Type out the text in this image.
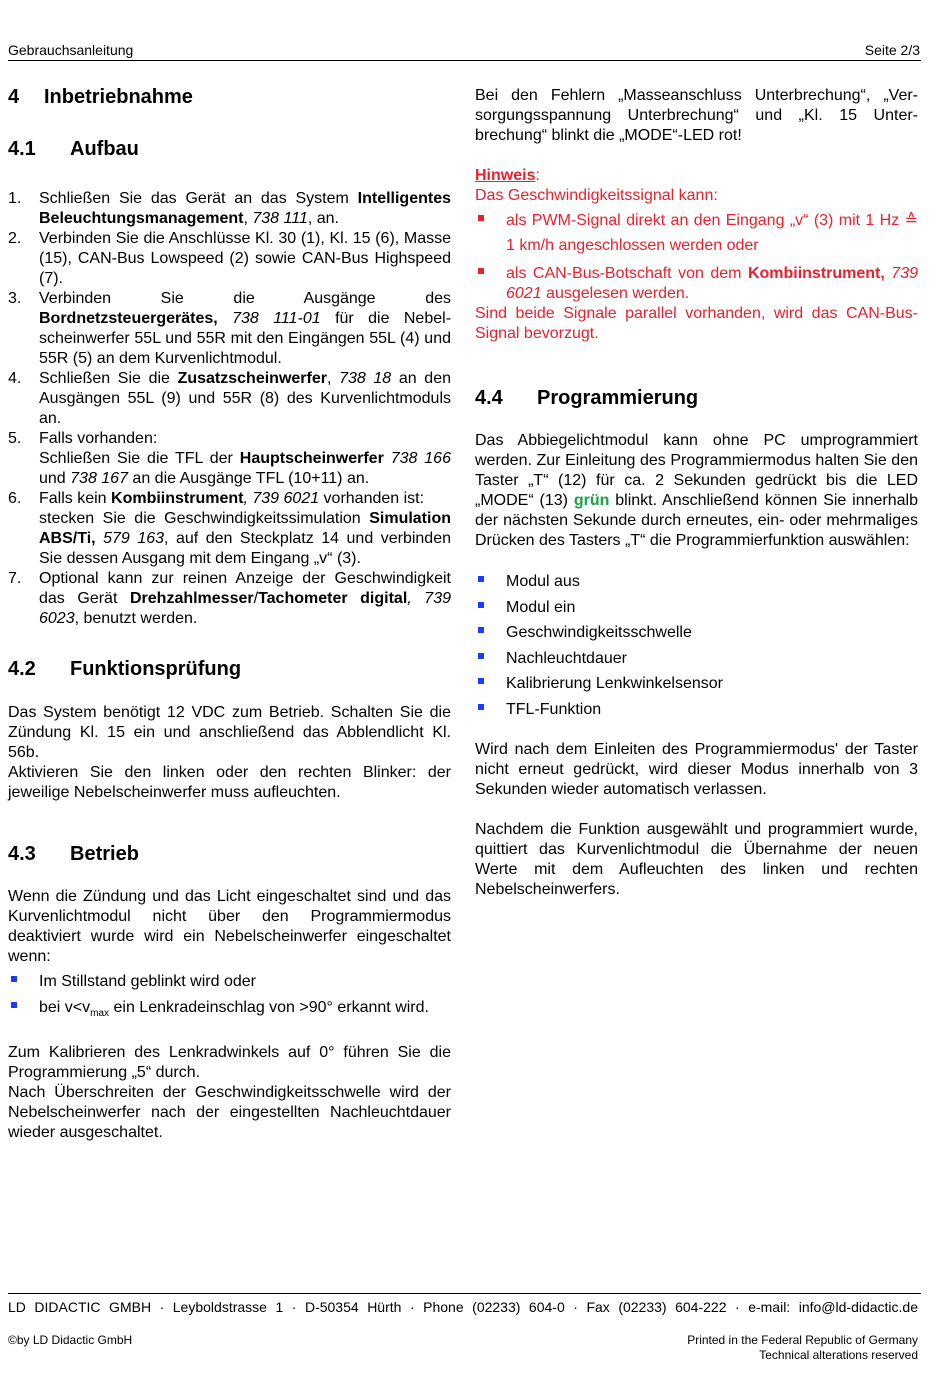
Gebrauchsanleitung	Seite 2/3
4 Inbetriebnahme
4.1 Aufbau
1. Schließen Sie das Gerät an das System Intelligentes Beleuchtungsmanagement, 738 111, an.
2. Verbinden Sie die Anschlüsse Kl. 30 (1), Kl. 15 (6), Masse (15), CAN-Bus Lowspeed (2) sowie CAN-Bus Highspeed (7).
3. Verbinden Sie die Ausgänge des Bordnetzsteuergerätes, 738 111-01 für die Nebelscheinwerfer 55L und 55R mit den Eingängen 55L (4) und 55R (5) an dem Kurvenlichtmodul.
4. Schließen Sie die Zusatzscheinwerfer, 738 18 an den Ausgängen 55L (9) und 55R (8) des Kurvenlichtmoduls an.
5. Falls vorhanden:
Schließen Sie die TFL der Hauptscheinwerfer 738 166 und 738 167 an die Ausgänge TFL (10+11) an.
6. Falls kein Kombiinstrument, 739 6021 vorhanden ist:
stecken Sie die Geschwindigkeitssimulation Simulation ABS/Ti, 579 163, auf den Steckplatz 14 und verbinden Sie dessen Ausgang mit dem Eingang „v“ (3).
7. Optional kann zur reinen Anzeige der Geschwindigkeit das Gerät Drehzahlmesser/Tachometer digital, 739 6023, benutzt werden.
4.2 Funktionsprüfung
Das System benötigt 12 VDC zum Betrieb. Schalten Sie die Zündung Kl. 15 ein und anschließend das Abblendlicht Kl. 56b.
Aktivieren Sie den linken oder den rechten Blinker: der jeweilige Nebelscheinwerfer muss aufleuchten.
4.3 Betrieb
Wenn die Zündung und das Licht eingeschaltet sind und das Kurvenlichtmodul nicht über den Programmiermodus deaktiviert wurde wird ein Nebelscheinwerfer eingeschaltet wenn:
Im Stillstand geblinkt wird oder
bei $v<v_{max}$ ein Lenkradeinschlag von >90° erkannt wird.
Zum Kalibrieren des Lenkradwinkels auf 0° führen Sie die Programmierung „5“ durch.
Nach Überschreiten der Geschwindigkeitsschwelle wird der Nebelscheinwerfer nach der eingestellten Nachleuchtdauer wieder ausgeschaltet.
Bei den Fehlern „Masseanschluss Unterbrechung“, „Versorgungsspannung Unterbrechung“ und „Kl. 15 Unterbrechung“ blinkt die „MODE“-LED rot!
Hinweis:
Das Geschwindigkeitssignal kann:
als PWM-Signal direkt an den Eingang „v“ (3) mit 1 Hz ≙ 1 km/h angeschlossen werden oder
als CAN-Bus-Botschaft von dem Kombiinstrument, 739 6021 ausgelesen werden.
Sind beide Signale parallel vorhanden, wird das CAN-Bus-Signal bevorzugt.
4.4 Programmierung
Das Abbiegelichtmodul kann ohne PC umprogrammiert werden. Zur Einleitung des Programmiermodus halten Sie den Taster „T“ (12) für ca. 2 Sekunden gedrückt bis die LED „MODE“ (13) grün blinkt. Anschließend können Sie innerhalb der nächsten Sekunde durch erneutes, ein- oder mehrmaliges Drücken des Tasters „T“ die Programmierfunktion auswählen:
Modul aus
Modul ein
Geschwindigkeitsschwelle
Nachleuchtdauer
Kalibrierung Lenkwinkelsensor
TFL-Funktion
Wird nach dem Einleiten des Programmiermodus' der Taster nicht erneut gedrückt, wird dieser Modus innerhalb von 3 Sekunden wieder automatisch verlassen.
Nachdem die Funktion ausgewählt und programmiert wurde, quittiert das Kurvenlichtmodul die Übernahme der neuen Werte mit dem Aufleuchten des linken und rechten Nebelscheinwerfers.
LD DIDACTIC GMBH · Leyboldstrasse 1 · D-50354 Hürth · Phone (02233) 604-0 · Fax (02233) 604-222 · e-mail: info@ld-didactic.de
©by LD Didactic GmbH	Printed in the Federal Republic of Germany
Technical alterations reserved
